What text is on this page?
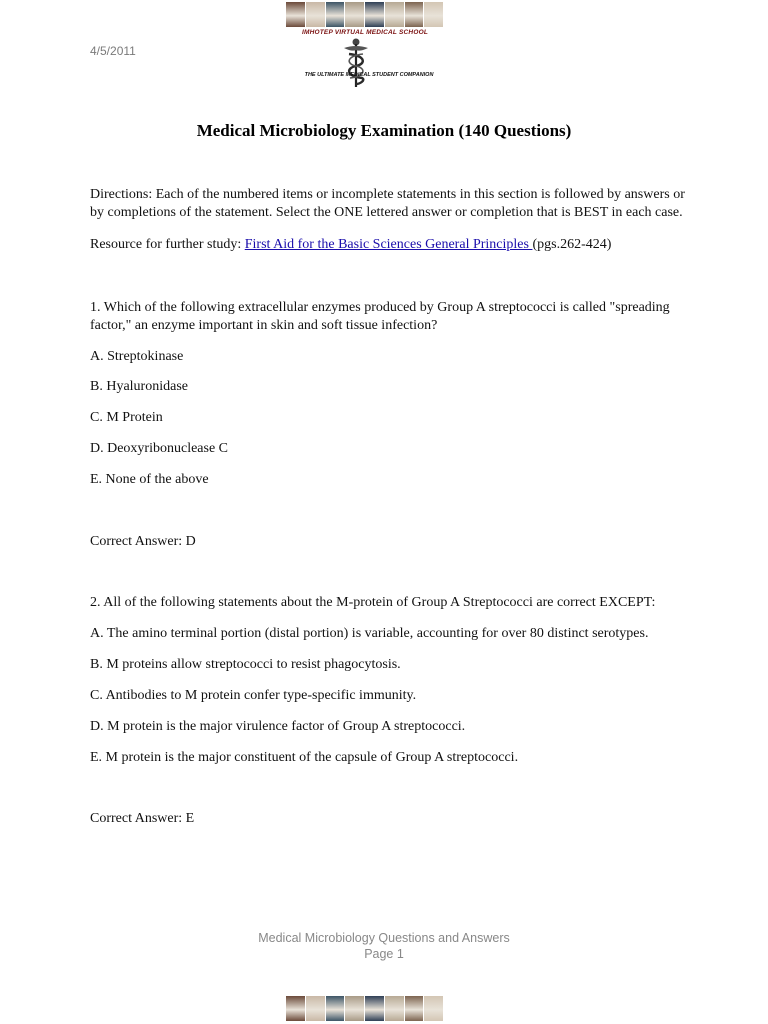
4/5/2011
IMHOTEP VIRTUAL MEDICAL SCHOOL
THE ULTIMATE MEDICAL STUDENT COMPANION
Medical Microbiology Examination (140 Questions)
Directions: Each of the numbered items or incomplete statements in this section is followed by answers or by completions of the statement. Select the ONE lettered answer or completion that is BEST in each case.
Resource for further study: First Aid for the Basic Sciences General Principles (pgs.262-424)
1. Which of the following extracellular enzymes produced by Group A streptococci is called "spreading factor," an enzyme important in skin and soft tissue infection?
A. Streptokinase
B. Hyaluronidase
C. M Protein
D. Deoxyribonuclease C
E. None of the above
Correct Answer: D
2. All of the following statements about the M-protein of Group A Streptococci are correct EXCEPT:
A. The amino terminal portion (distal portion) is variable, accounting for over 80 distinct serotypes.
B. M proteins allow streptococci to resist phagocytosis.
C. Antibodies to M protein confer type-specific immunity.
D. M protein is the major virulence factor of Group A streptococci.
E. M protein is the major constituent of the capsule of Group A streptococci.
Correct Answer: E
Medical Microbiology Questions and Answers
Page 1
